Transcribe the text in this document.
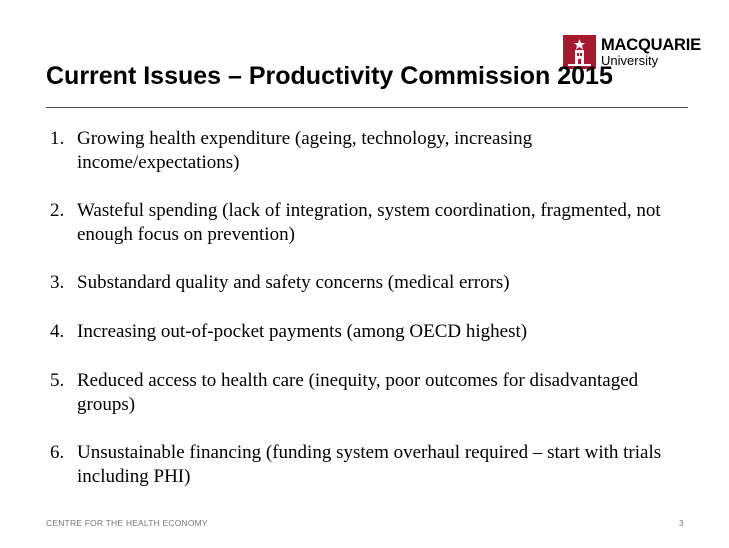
MACQUARIE
University
Current Issues – Productivity Commission 2015
1. Growing health expenditure (ageing, technology, increasing income/expectations)
2. Wasteful spending (lack of integration, system coordination, fragmented, not enough focus on prevention)
3. Substandard quality and safety concerns (medical errors)
4. Increasing out-of-pocket payments (among OECD highest)
5. Reduced access to health care (inequity, poor outcomes for disadvantaged groups)
6. Unsustainable financing (funding system overhaul required – start with trials including PHI)
CENTRE FOR THE HEALTH ECONOMY	3
